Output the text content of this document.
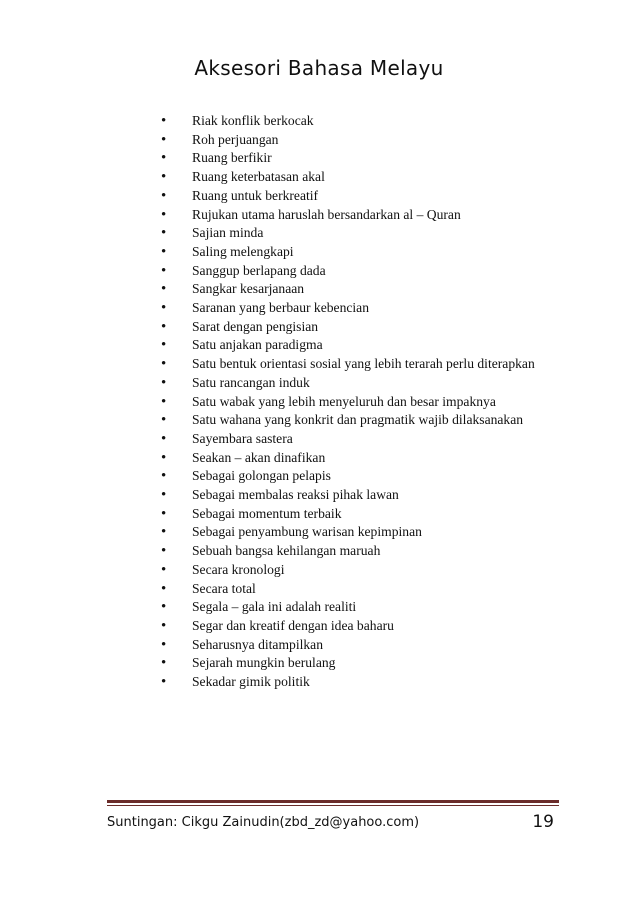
Aksesori Bahasa Melayu
• Riak konflik berkocak
• Roh perjuangan
• Ruang berfikir
• Ruang keterbatasan akal
• Ruang untuk berkreatif
• Rujukan utama haruslah bersandarkan al – Quran
• Sajian minda
• Saling melengkapi
• Sanggup berlapang dada
• Sangkar kesarjanaan
• Saranan yang berbaur kebencian
• Sarat dengan pengisian
• Satu anjakan paradigma
• Satu bentuk orientasi sosial yang lebih terarah perlu diterapkan
• Satu rancangan induk
• Satu wabak yang lebih menyeluruh dan besar impaknya
• Satu wahana yang konkrit dan pragmatik wajib dilaksanakan
• Sayembara sastera
• Seakan – akan dinafikan
• Sebagai golongan pelapis
• Sebagai membalas reaksi pihak lawan
• Sebagai momentum terbaik
• Sebagai penyambung warisan kepimpinan
• Sebuah bangsa kehilangan maruah
• Secara kronologi
• Secara total
• Segala – gala ini adalah realiti
• Segar dan kreatif dengan idea baharu
• Seharusnya ditampilkan
• Sejarah mungkin berulang
• Sekadar gimik politik
Suntingan: Cikgu Zainudin(zbd_zd@yahoo.com)	19
